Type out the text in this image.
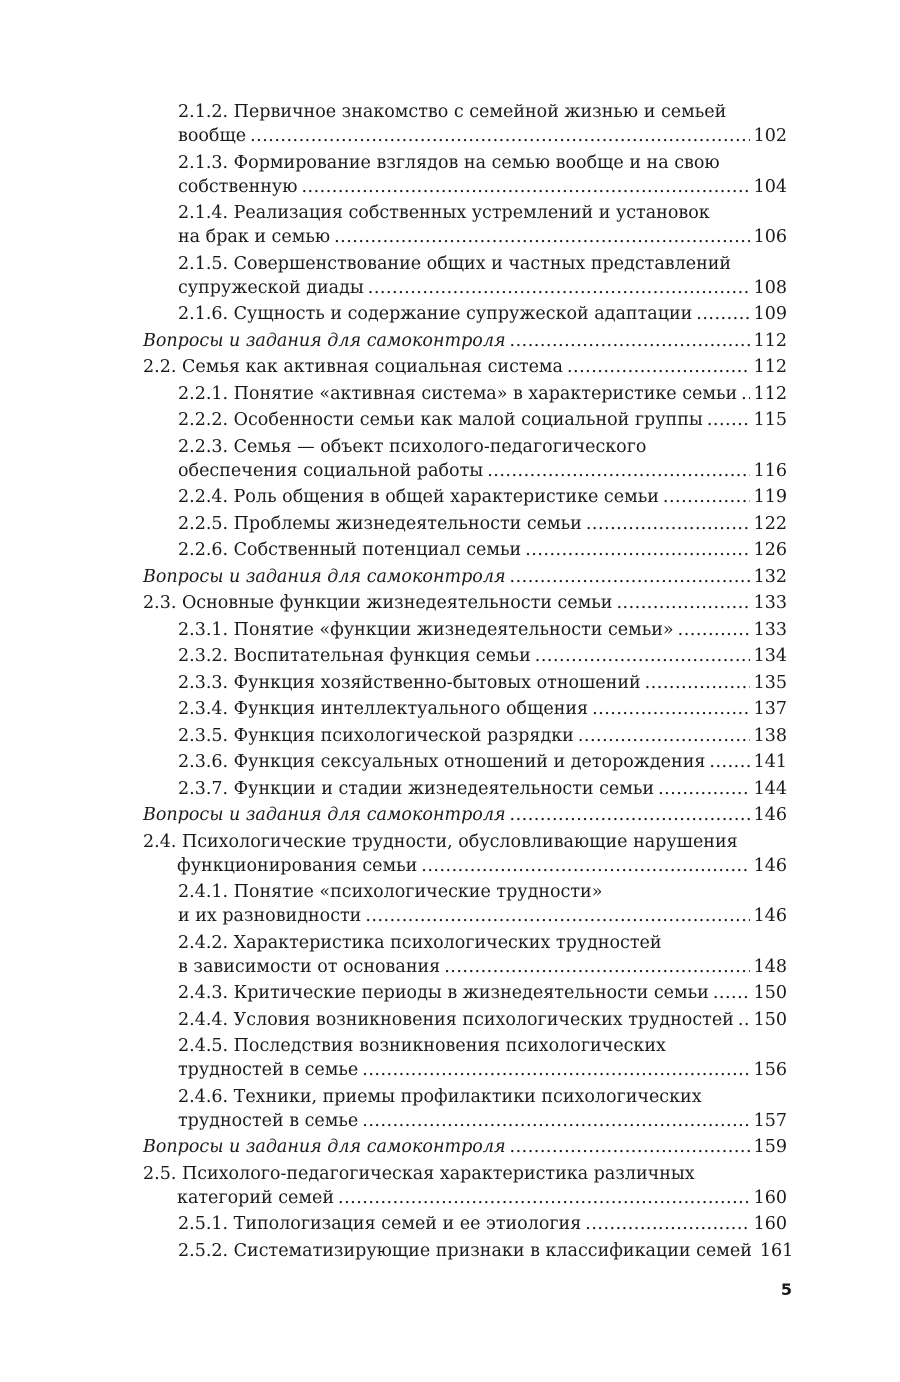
2.1.2. Первичное знакомство с семейной жизнью и семьей
вообще .....	102
2.1.3. Формирование взглядов на семью вообще и на свою
собственную .....	104
2.1.4. Реализация собственных устремлений и установок
на брак и семью .....	106
2.1.5. Совершенствование общих и частных представлений
супружеской диады .....	108
2.1.6. Сущность и содержание супружеской адаптации .....	109
Вопросы и задания для самоконтроля .....	112
2.2. Семья как активная социальная система .....	112
2.2.1. Понятие «активная система» в характеристике семьи ..... 112
2.2.2. Особенности семьи как малой социальной группы .....	115
2.2.3. Семья — объект психолого-педагогического
обеспечения социальной работы .....	116
2.2.4. Роль общения в общей характеристике семьи .....	119
2.2.5. Проблемы жизнедеятельности семьи .....	122
2.2.6. Собственный потенциал семьи .....	126
Вопросы и задания для самоконтроля .....	132
2.3. Основные функции жизнедеятельности семьи .....	133
2.3.1. Понятие «функции жизнедеятельности семьи» .....	133
2.3.2. Воспитательная функция семьи .....	134
2.3.3. Функция хозяйственно-бытовых отношений .....	135
2.3.4. Функция интеллектуального общения .....	137
2.3.5. Функция психологической разрядки .....	138
2.3.6. Функция сексуальных отношений и деторождения .....	141
2.3.7. Функции и стадии жизнедеятельности семьи .....	144
Вопросы и задания для самоконтроля .....	146
2.4. Психологические трудности, обусловливающие нарушения
функционирования семьи .....	146
2.4.1. Понятие «психологические трудности»
и их разновидности .....	146
2.4.2. Характеристика психологических трудностей
в зависимости от основания .....	148
2.4.3. Критические периоды в жизнедеятельности семьи .....	150
2.4.4. Условия возникновения психологических трудностей ..... 150
2.4.5. Последствия возникновения психологических
трудностей в семье .....	156
2.4.6. Техники, приемы профилактики психологических
трудностей в семье .....	157
Вопросы и задания для самоконтроля .....	159
2.5. Психолого-педагогическая характеристика различных
категорий семей .....	160
2.5.1. Типологизация семей и ее этиология .....	160
2.5.2. Систематизирующие признаки в классификации семей 161
5
